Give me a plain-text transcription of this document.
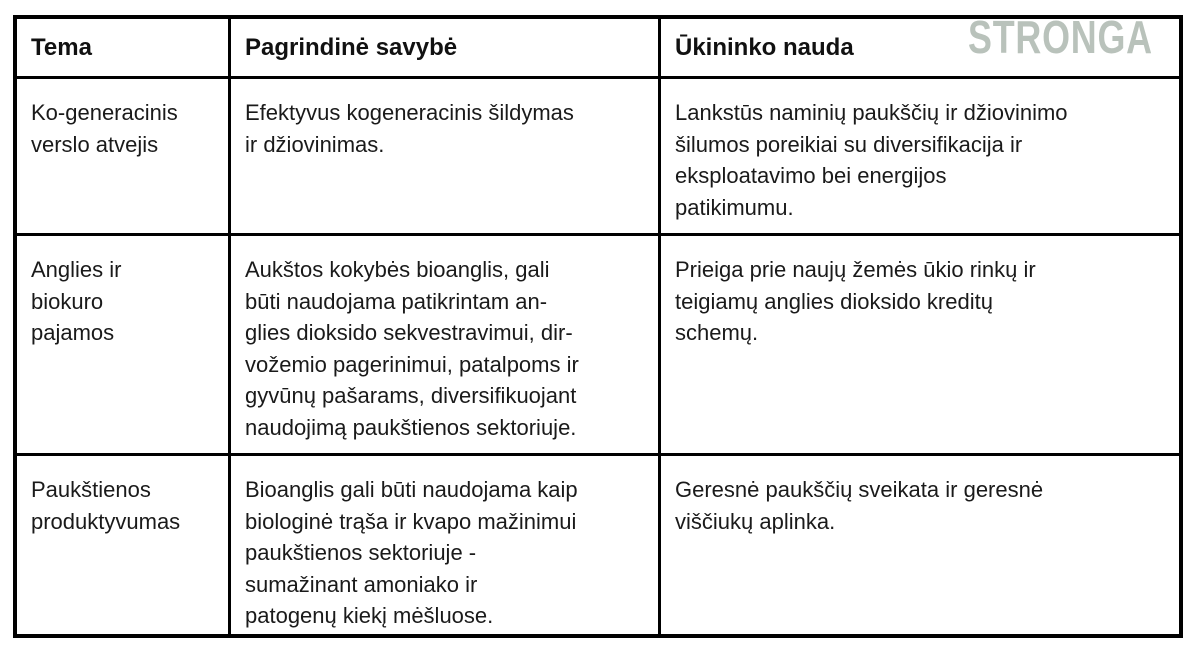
Tema	Pagrindinė savybė	Ūkininko nauda
Ko-generacinis
verslo atvejis
Efektyvus kogeneracinis šildymas
ir džiovinimas.
Lankstūs naminių paukščių ir džiovinimo
šilumos poreikiai su diversifikacija ir
eksploatavimo bei energijos
patikimumu.
Anglies ir
biokuro
pajamos
Aukštos kokybės bioanglis, gali
būti naudojama patikrintam an-
glies dioksido sekvestravimui, dir-
vožemio pagerinimui, patalpoms ir
gyvūnų pašarams, diversifikuojant
naudojimą paukštienos sektoriuje.
Prieiga prie naujų žemės ūkio rinkų ir
teigiamų anglies dioksido kreditų
schemų.
Paukštienos
produktyvumas
Bioanglis gali būti naudojama kaip
biologinė trąša ir kvapo mažinimui
paukštienos sektoriuje -
sumažinant amoniako ir
patogenų kiekį mėšluose.
Geresnė paukščių sveikata ir geresnė
viščiukų aplinka.
STRONGA
